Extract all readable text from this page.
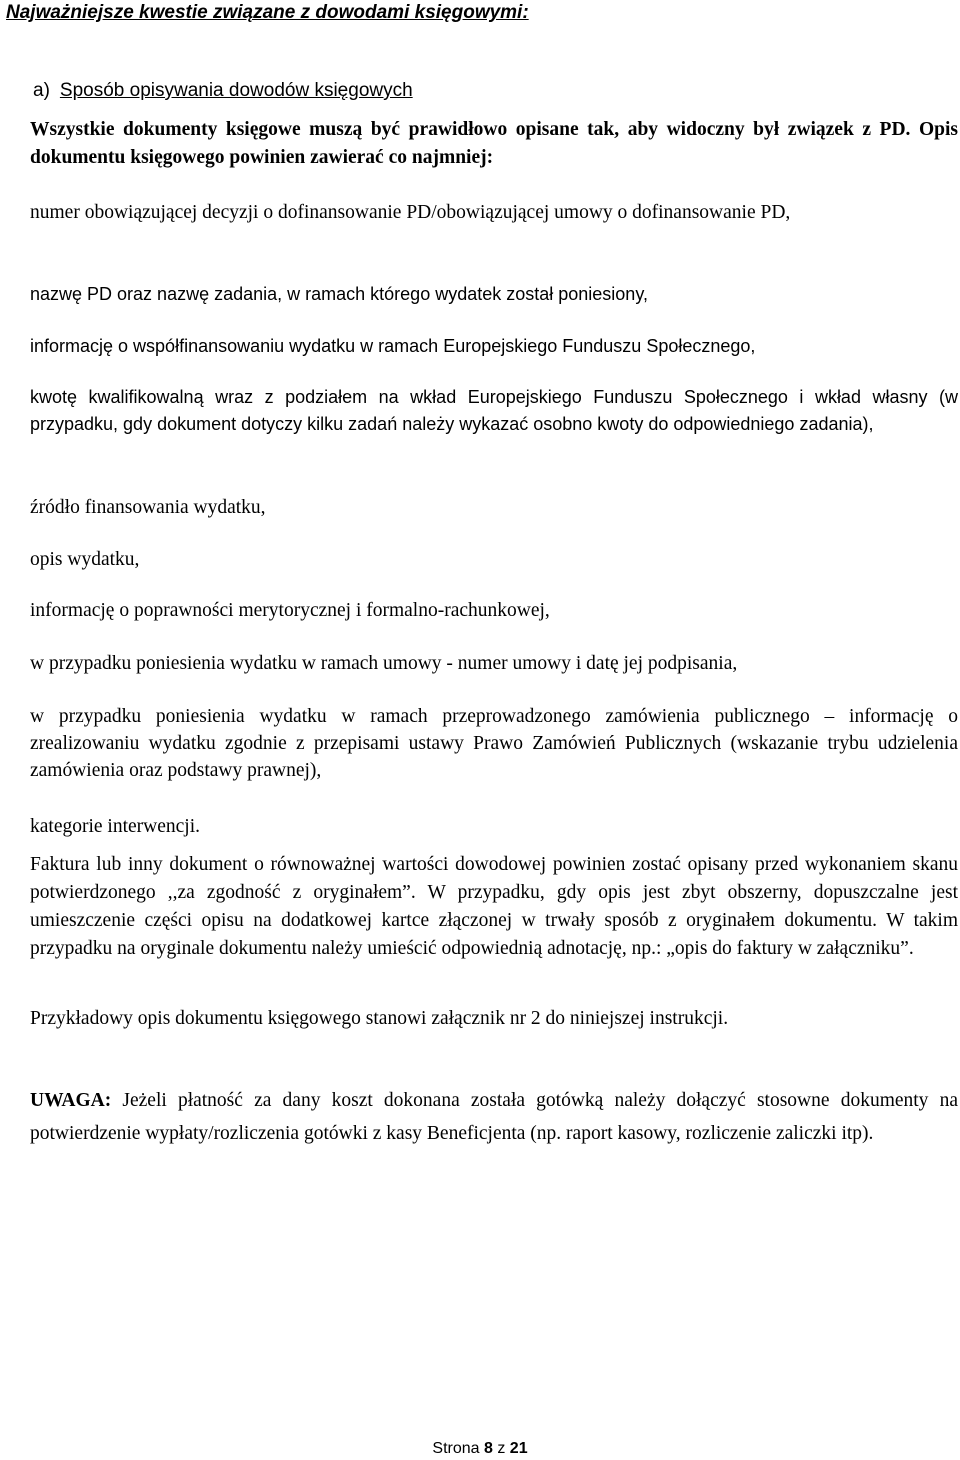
Najważniejsze kwestie związane z dowodami księgowymi:
a) Sposób opisywania dowodów księgowych
Wszystkie dokumenty księgowe muszą być prawidłowo opisane tak, aby widoczny był związek z PD. Opis dokumentu księgowego powinien zawierać co najmniej:
numer obowiązującej decyzji o dofinansowanie PD/obowiązującej umowy o dofinansowanie PD,
nazwę PD oraz nazwę zadania, w ramach którego wydatek został poniesiony,
informację o współfinansowaniu wydatku w ramach Europejskiego Funduszu Społecznego,
kwotę kwalifikowalną wraz z podziałem na wkład Europejskiego Funduszu Społecznego i wkład własny (w przypadku, gdy dokument dotyczy kilku zadań należy wykazać osobno kwoty do odpowiedniego zadania),
źródło finansowania wydatku,
opis wydatku,
informację o poprawności merytorycznej i formalno-rachunkowej,
w przypadku poniesienia wydatku w ramach umowy - numer umowy i datę jej podpisania,
w przypadku poniesienia wydatku w ramach przeprowadzonego zamówienia publicznego – informację o zrealizowaniu wydatku zgodnie z przepisami ustawy Prawo Zamówień Publicznych (wskazanie trybu udzielenia zamówienia oraz podstawy prawnej),
kategorie interwencji.
Faktura lub inny dokument o równoważnej wartości dowodowej powinien zostać opisany przed wykonaniem skanu potwierdzonego ,,za zgodność z oryginałem”. W przypadku, gdy opis jest zbyt obszerny, dopuszczalne jest umieszczenie części opisu na dodatkowej kartce złączonej w trwały sposób z oryginałem dokumentu. W takim przypadku na oryginale dokumentu należy umieścić odpowiednią adnotację, np.: „opis do faktury w załączniku”.
Przykładowy opis dokumentu księgowego stanowi załącznik nr 2 do niniejszej instrukcji.
UWAGA: Jeżeli płatność za dany koszt dokonana została gotówką należy dołączyć stosowne dokumenty na potwierdzenie wypłaty/rozliczenia gotówki z kasy Beneficjenta (np. raport kasowy, rozliczenie zaliczki itp).
Strona 8 z 21
